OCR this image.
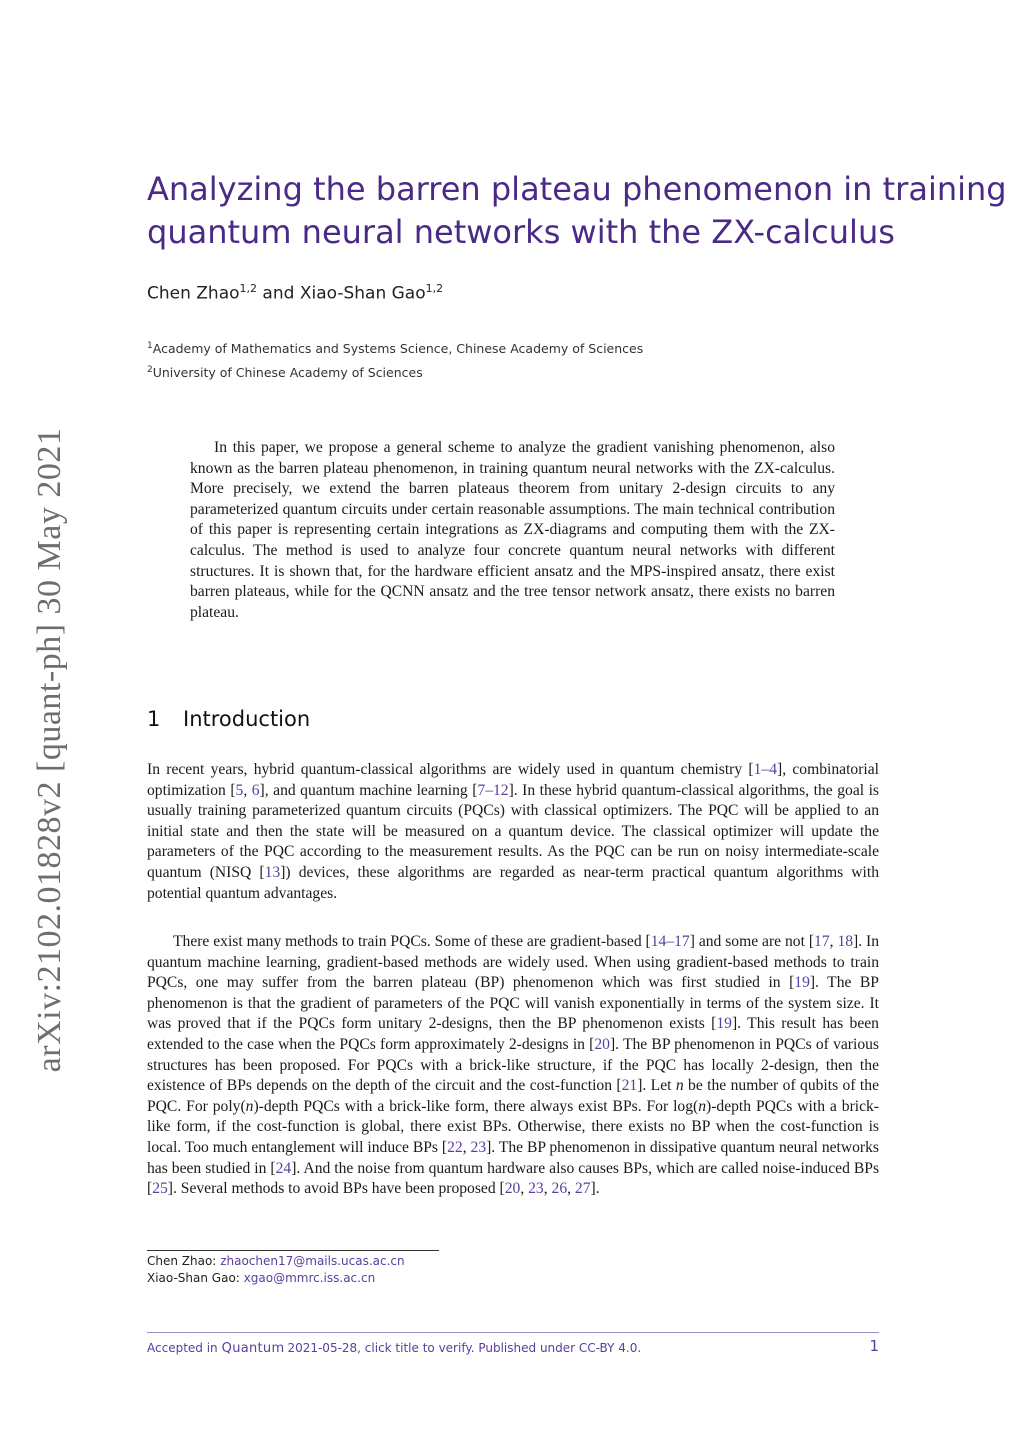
arXiv:2102.01828v2 [quant-ph] 30 May 2021
Analyzing the barren plateau phenomenon in training
quantum neural networks with the ZX-calculus
Chen Zhao$^{1,2}$ and Xiao-Shan Gao$^{1,2}$
$^1$Academy of Mathematics and Systems Science, Chinese Academy of Sciences
$^2$University of Chinese Academy of Sciences

In this paper, we propose a general scheme to analyze the gradient vanishing phenomenon, also known as the barren plateau phenomenon, in training quantum neural networks with the ZX-calculus. More precisely, we extend the barren plateaus theorem from unitary 2-design circuits to any parameterized quantum circuits under certain reasonable assumptions. The main technical contribution of this paper is representing certain integrations as ZX-diagrams and computing them with the ZX-calculus. The method is used to analyze four concrete quantum neural networks with different structures. It is shown that, for the hardware efficient ansatz and the MPS-inspired ansatz, there exist barren plateaus, while for the QCNN ansatz and the tree tensor network ansatz, there exists no barren plateau.

1 Introduction

In recent years, hybrid quantum-classical algorithms are widely used in quantum chemistry [1–4], combinatorial optimization [5, 6], and quantum machine learning [7–12]. In these hybrid quantum-classical algorithms, the goal is usually training parameterized quantum circuits (PQCs) with classical optimizers. The PQC will be applied to an initial state and then the state will be measured on a quantum device. The classical optimizer will update the parameters of the PQC according to the measurement results. As the PQC can be run on noisy intermediate-scale quantum (NISQ [13]) devices, these algorithms are regarded as near-term practical quantum algorithms with potential quantum advantages.

There exist many methods to train PQCs. Some of these are gradient-based [14–17] and some are not [17, 18]. In quantum machine learning, gradient-based methods are widely used. When using gradient-based methods to train PQCs, one may suffer from the barren plateau (BP) phenomenon which was first studied in [19]. The BP phenomenon is that the gradient of parameters of the PQC will vanish exponentially in terms of the system size. It was proved that if the PQCs form unitary 2-designs, then the BP phenomenon exists [19]. This result has been extended to the case when the PQCs form approximately 2-designs in [20]. The BP phenomenon in PQCs of various structures has been proposed. For PQCs with a brick-like structure, if the PQC has locally 2-design, then the existence of BPs depends on the depth of the circuit and the cost-function [21]. Let n be the number of qubits of the PQC. For poly(n)-depth PQCs with a brick-like form, there always exist BPs. For log(n)-depth PQCs with a brick-like form, if the cost-function is global, there exist BPs. Otherwise, there exists no BP when the cost-function is local. Too much entanglement will induce BPs [22, 23]. The BP phenomenon in dissipative quantum neural networks has been studied in [24]. And the noise from quantum hardware also causes BPs, which are called noise-induced BPs [25]. Several methods to avoid BPs have been proposed [20, 23, 26, 27].

Chen Zhao: zhaochen17@mails.ucas.ac.cn
Xiao-Shan Gao: xgao@mmrc.iss.ac.cn
Accepted in Quantum 2021-05-28, click title to verify. Published under CC-BY 4.0.	1
